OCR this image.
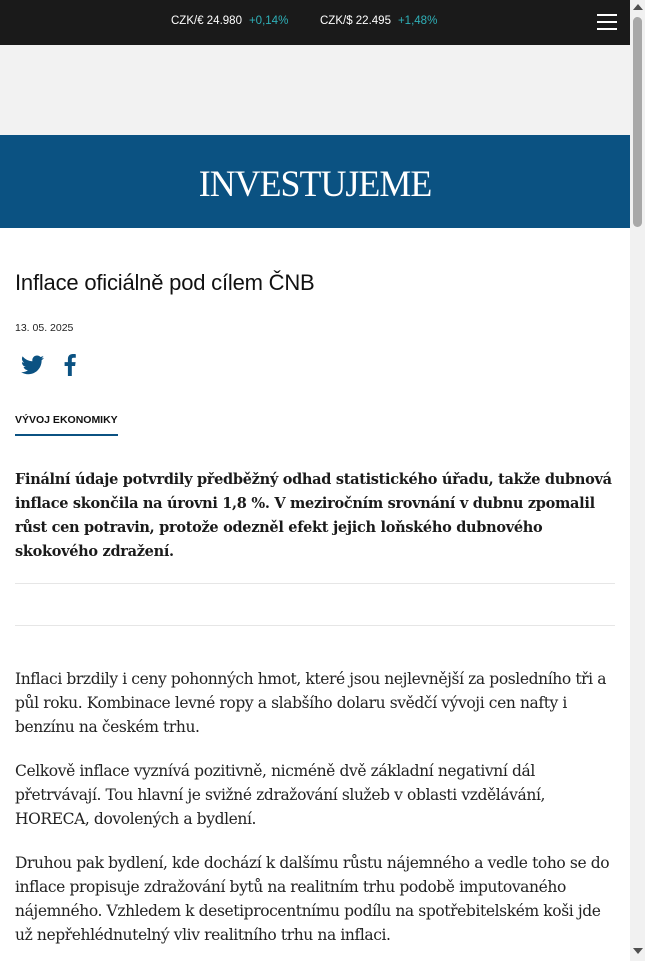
CZK/€ 24.980 +0,14%	CZK/$ 22.495 +1,48%
INVESTUJEME
Inflace oficiálně pod cílem ČNB
13. 05. 2025
VÝVOJ EKONOMIKY

Finální údaje potvrdily předběžný odhad statistického úřadu, takže dubnová inflace skončila na úrovni 1,8 %. V meziročním srovnání v dubnu zpomalil růst cen potravin, protože odezněl efekt jejich loňského dubnového skokového zdražení.

Inflaci brzdily i ceny pohonných hmot, které jsou nejlevnější za posledního tři a půl roku. Kombinace levné ropy a slabšího dolaru svědčí vývoji cen nafty i benzínu na českém trhu.

Celkově inflace vyznívá pozitivně, nicméně dvě základní negativní dál přetrvávají. Tou hlavní je svižné zdražování služeb v oblasti vzdělávání, HORECA, dovolených a bydlení.

Druhou pak bydlení, kde dochází k dalšímu růstu nájemného a vedle toho se do inflace propisuje zdražování bytů na realitním trhu podobě imputovaného nájemného. Vzhledem k desetiprocentnímu podílu na spotřebitelském koši jde už nepřehlédnutelný vliv realitního trhu na inflaci.
